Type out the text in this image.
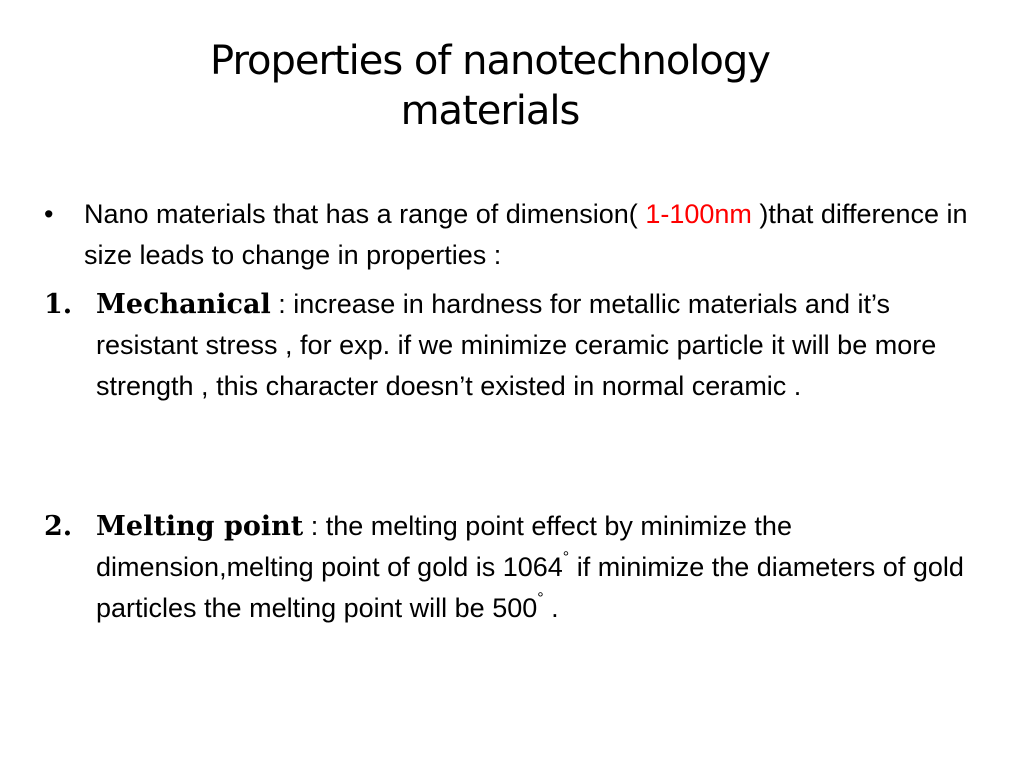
Properties of nanotechnology
materials
•	Nano materials that has a range of dimension( 1-100nm )that difference in size leads to change in properties :
1. Mechanical : increase in hardness for metallic materials and it’s resistant stress , for exp. if we minimize ceramic particle it will be more strength , this character doesn’t existed in normal ceramic .
2. Melting point : the melting point effect by minimize the dimension,melting point of gold is 1064° if minimize the diameters of gold particles the melting point will be 500° .
